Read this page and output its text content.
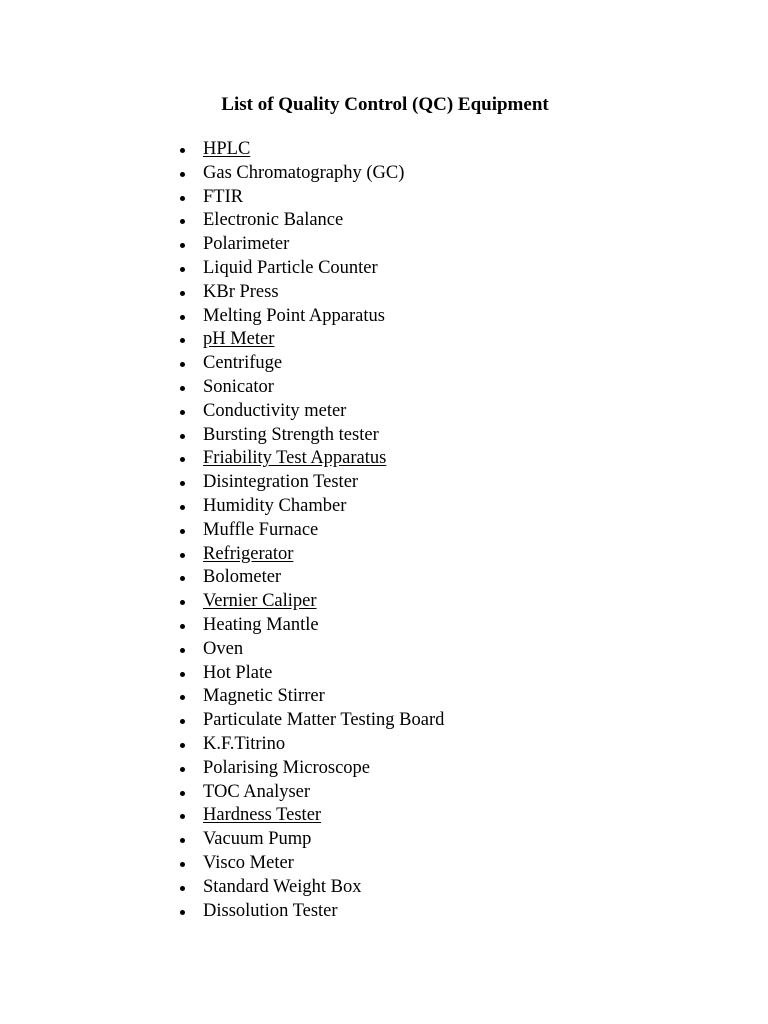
List of Quality Control (QC) Equipment
HPLC
Gas Chromatography (GC)
FTIR
Electronic Balance
Polarimeter
Liquid Particle Counter
KBr Press
Melting Point Apparatus
pH Meter
Centrifuge
Sonicator
Conductivity meter
Bursting Strength tester
Friability Test Apparatus
Disintegration Tester
Humidity Chamber
Muffle Furnace
Refrigerator
Bolometer
Vernier Caliper
Heating Mantle
Oven
Hot Plate
Magnetic Stirrer
Particulate Matter Testing Board
K.F.Titrino
Polarising Microscope
TOC Analyser
Hardness Tester
Vacuum Pump
Visco Meter
Standard Weight Box
Dissolution Tester
